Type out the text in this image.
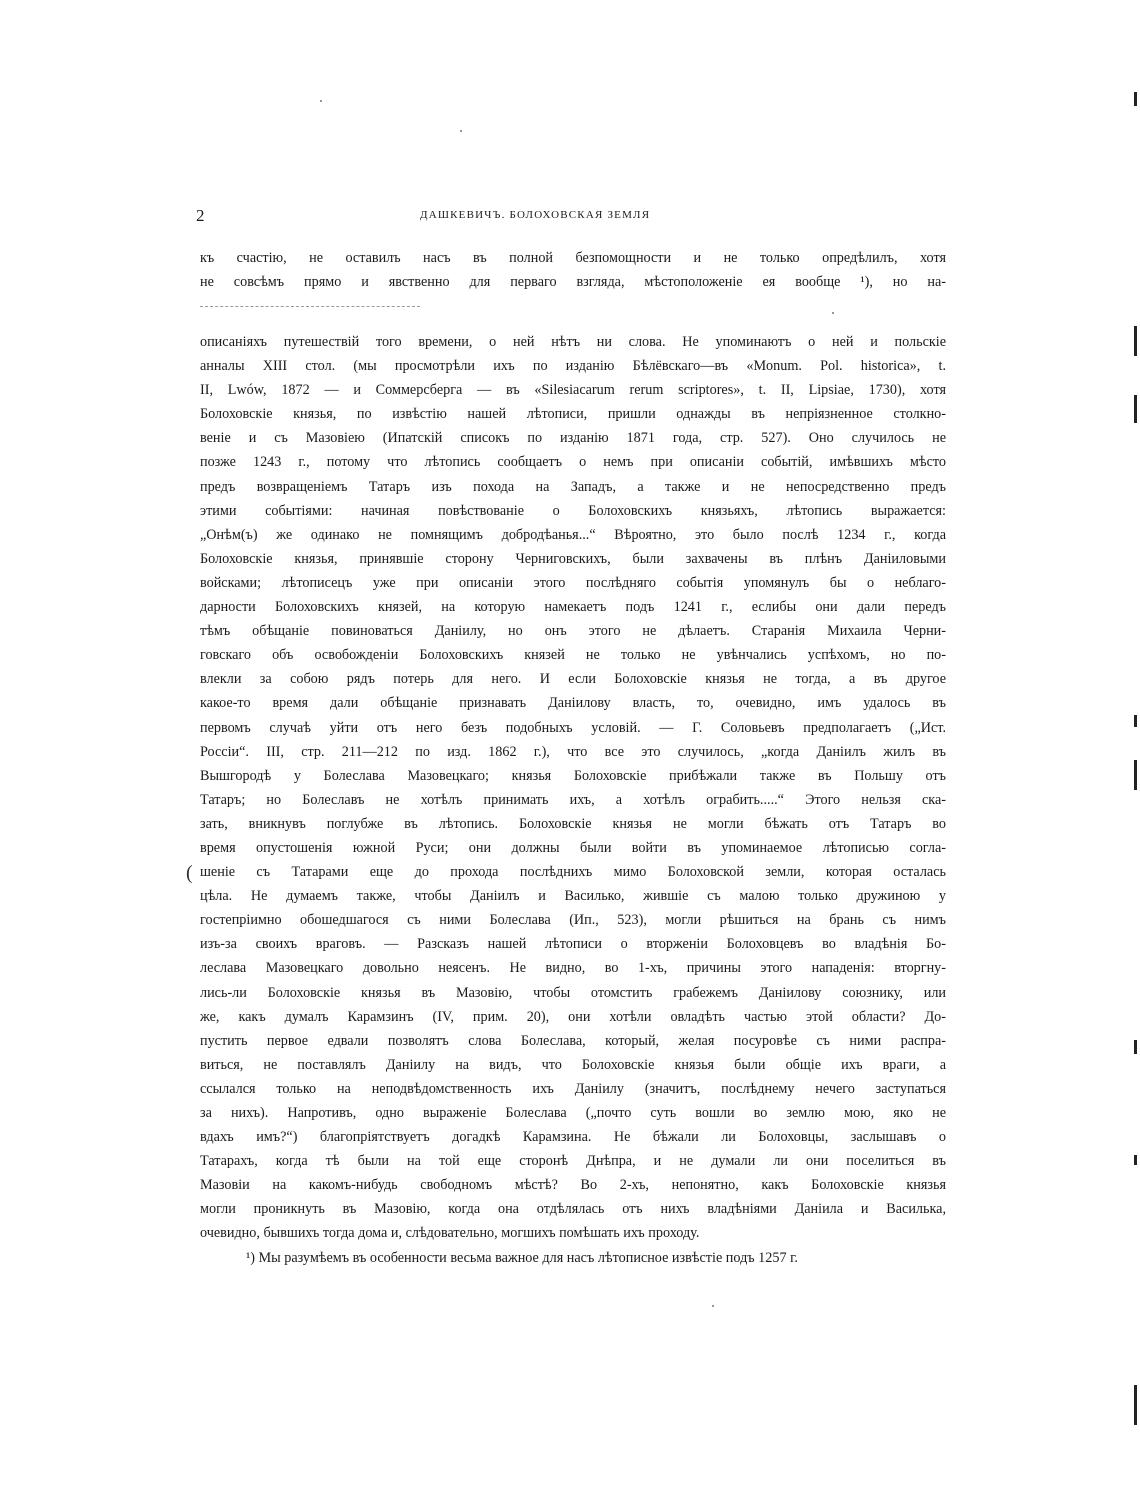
2	ДАШКЕВИЧЪ. БОЛОХОВСКАЯ ЗЕМЛЯ
къ счастію, не оставилъ насъ въ полной безпомощности и не только опредѣлилъ, хотя
не совсѣмъ прямо и явственно для перваго взгляда, мѣстоположеніе ея вообще ¹), но на-
описаніяхъ путешествій того времени, о ней нѣтъ ни слова. Не упоминаютъ о ней и польскіе
анналы XIII стол. (мы просмотрѣли ихъ по изданію Бѣлёвскаго—въ «Monum. Pol. historica», t.
II, Lwów, 1872 — и Соммерсберга — въ «Silesiacarum rerum scriptores», t. II, Lipsiae, 1730), хотя
Болоховскіе князья, по извѣстію нашей лѣтописи, пришли однажды въ непріязненное столкно-
веніе и съ Мазовіею (Ипатскій списокъ по изданію 1871 года, стр. 527). Оно случилось не
позже 1243 г., потому что лѣтопись сообщаетъ о немъ при описаніи событій, имѣвшихъ мѣсто
предъ возвращеніемъ Татаръ изъ похода на Западъ, а также и не непосредственно предъ
этими событіями: начиная повѣствованіе о Болоховскихъ князьяхъ, лѣтопись выражается:
„Онѣм(ъ) же одинако не помнящимъ добродѣанья...“ Вѣроятно, это было послѣ 1234 г., когда
Болоховскіе князья, принявшіе сторону Черниговскихъ, были захвачены въ плѣнъ Даніиловыми
войсками; лѣтописецъ уже при описаніи этого послѣдняго событія упомянулъ бы о неблаго-
дарности Болоховскихъ князей, на которую намекаетъ подъ 1241 г., еслибы они дали передъ
тѣмъ обѣщаніе повиноваться Даніилу, но онъ этого не дѣлаетъ. Старанія Михаила Черни-
говскаго объ освобожденіи Болоховскихъ князей не только не увѣнчались успѣхомъ, но по-
влекли за собою рядъ потерь для него. И если Болоховскіе князья не тогда, а въ другое
какое-то время дали обѣщаніе признавать Даніилову власть, то, очевидно, имъ удалось въ
первомъ случаѣ уйти отъ него безъ подобныхъ условій. — Г. Соловьевъ предполагаетъ („Ист.
Россіи“. III, стр. 211—212 по изд. 1862 г.), что все это случилось, „когда Даніилъ жилъ въ
Вышгородѣ у Болеслава Мазовецкаго; князья Болоховскіе прибѣжали также въ Польшу отъ
Татаръ; но Болеславъ не хотѣлъ принимать ихъ, а хотѣлъ ограбить.....“ Этого нельзя ска-
зать, вникнувъ поглубже въ лѣтопись. Болоховскіе князья не могли бѣжать отъ Татаръ во
время опустошенія южной Руси; они должны были войти въ упоминаемое лѣтописью согла-
шеніе съ Татарами еще до прохода послѣднихъ мимо Болоховской земли, которая осталась
цѣла. Не думаемъ также, чтобы Даніилъ и Василько, жившіе съ малою только дружиною у
гостепріимно обошедшагося съ ними Болеслава (Ип., 523), могли рѣшиться на брань съ нимъ
изъ-за своихъ враговъ. — Разсказъ нашей лѣтописи о вторженіи Болоховцевъ во владѣнія Бо-
леслава Мазовецкаго довольно неясенъ. Не видно, во 1-хъ, причины этого нападенія: вторгну-
лись-ли Болоховскіе князья въ Мазовію, чтобы отомстить грабежемъ Даніилову союзнику, или
же, какъ думалъ Карамзинъ (IV, прим. 20), они хотѣли овладѣть частью этой области? До-
пустить первое едвали позволятъ слова Болеслава, который, желая посуровѣе съ ними распра-
виться, не поставлялъ Даніилу на видъ, что Болоховскіе князья были общіе ихъ враги, а
ссылался только на неподвѣдомственность ихъ Даніилу (значитъ, послѣднему нечего заступаться
за нихъ). Напротивъ, одно выраженіе Болеслава („почто суть вошли во землю мою, яко не
вдахъ имъ?“) благопріятствуетъ догадкѣ Карамзина. Не бѣжали ли Болоховцы, заслышавъ о
Татарахъ, когда тѣ были на той еще сторонѣ Днѣпра, и не думали ли они поселиться въ
Мазовіи на какомъ-нибудь свободномъ мѣстѣ? Во 2-хъ, непонятно, какъ Болоховскіе князья
могли проникнуть въ Мазовію, когда она отдѣлялась отъ нихъ владѣніями Даніила и Василька,
очевидно, бывшихъ тогда дома и, слѣдовательно, могшихъ помѣшать ихъ проходу.
¹) Мы разумѣемъ въ особенности весьма важное для насъ лѣтописное извѣстіе подъ 1257 г.
(
